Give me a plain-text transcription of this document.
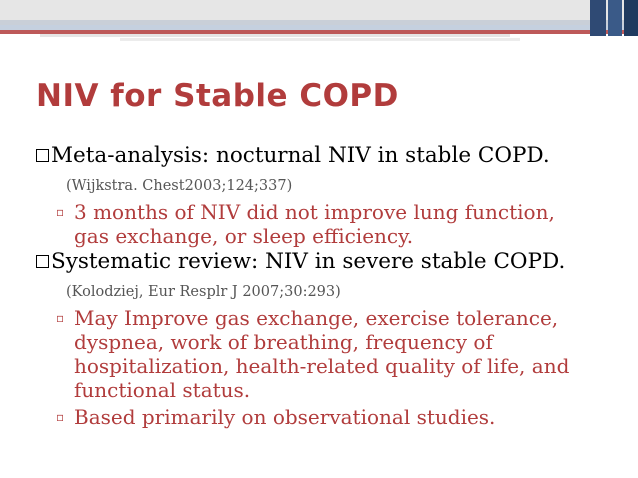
NIV for Stable COPD
Meta-analysis: nocturnal NIV in stable COPD.
(Wijkstra. Chest2003;124;337)
▫ 3 months of NIV did not improve lung function,
gas exchange, or sleep efficiency.
Systematic review: NIV in severe stable COPD.
(Kolodziej, Eur Resplr J 2007;30:293)
▫ May Improve gas exchange, exercise tolerance,
dyspnea, work of breathing, frequency of
hospitalization, health-related quality of life, and
functional status.
▫ Based primarily on observational studies.
